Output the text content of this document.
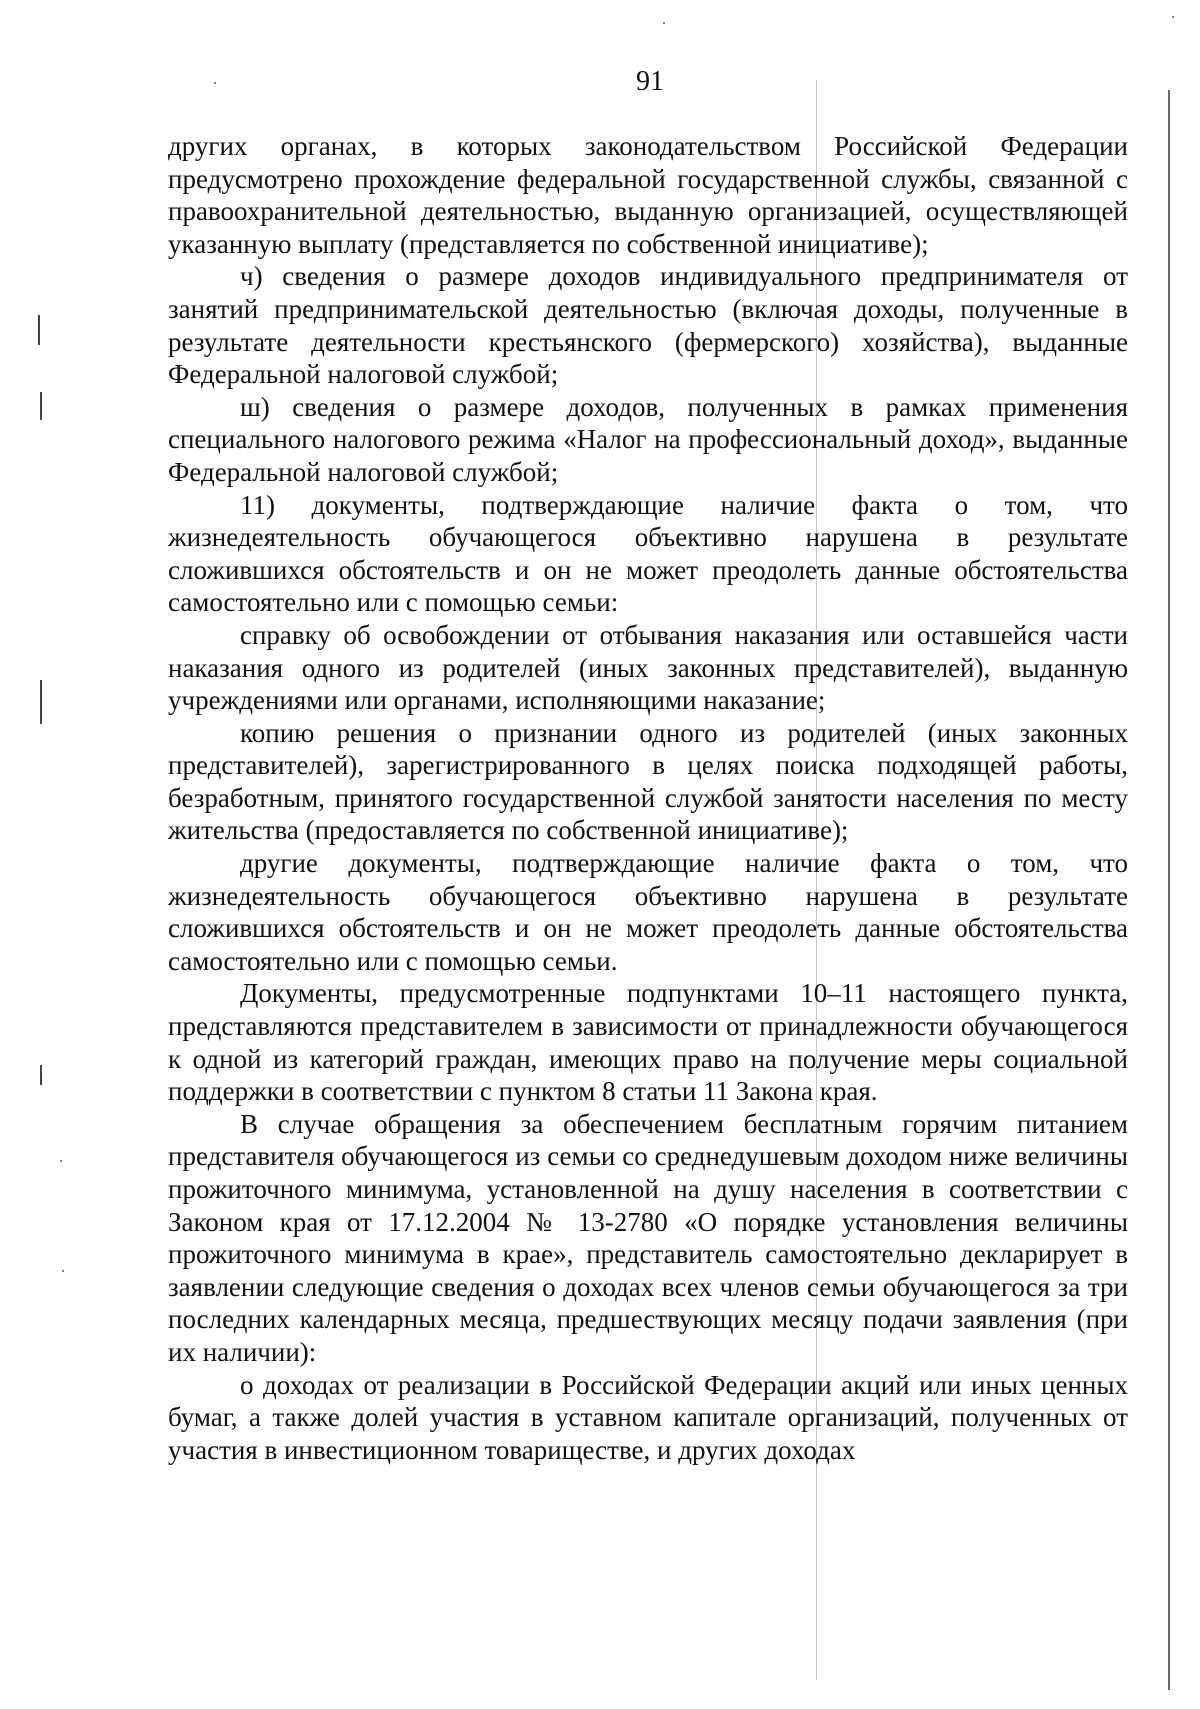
91

других органах, в которых законодательством Российской Федерации предусмотрено прохождение федеральной государственной службы, связанной с правоохранительной деятельностью, выданную организацией, осуществляющей указанную выплату (представляется по собственной инициативе);

ч) сведения о размере доходов индивидуального предпринимателя от занятий предпринимательской деятельностью (включая доходы, полученные в результате деятельности крестьянского (фермерского) хозяйства), выданные Федеральной налоговой службой;

ш) сведения о размере доходов, полученных в рамках применения специального налогового режима «Налог на профессиональный доход», выданные Федеральной налоговой службой;

11) документы, подтверждающие наличие факта о том, что жизнедеятельность обучающегося объективно нарушена в результате сложившихся обстоятельств и он не может преодолеть данные обстоятельства самостоятельно или с помощью семьи:

справку об освобождении от отбывания наказания или оставшейся части наказания одного из родителей (иных законных представителей), выданную учреждениями или органами, исполняющими наказание;

копию решения о признании одного из родителей (иных законных представителей), зарегистрированного в целях поиска подходящей работы, безработным, принятого государственной службой занятости населения по месту жительства (предоставляется по собственной инициативе);

другие документы, подтверждающие наличие факта о том, что жизнедеятельность обучающегося объективно нарушена в результате сложившихся обстоятельств и он не может преодолеть данные обстоятельства самостоятельно или с помощью семьи.

Документы, предусмотренные подпунктами 10–11 настоящего пункта, представляются представителем в зависимости от принадлежности обучающегося к одной из категорий граждан, имеющих право на получение меры социальной поддержки в соответствии с пунктом 8 статьи 11 Закона края.

В случае обращения за обеспечением бесплатным горячим питанием представителя обучающегося из семьи со среднедушевым доходом ниже величины прожиточного минимума, установленной на душу населения в соответствии с Законом края от 17.12.2004 № 13-2780 «О порядке установления величины прожиточного минимума в крае», представитель самостоятельно декларирует в заявлении следующие сведения о доходах всех членов семьи обучающегося за три последних календарных месяца, предшествующих месяцу подачи заявления (при их наличии):

о доходах от реализации в Российской Федерации акций или иных ценных бумаг, а также долей участия в уставном капитале организаций, полученных от участия в инвестиционном товариществе, и других доходах
